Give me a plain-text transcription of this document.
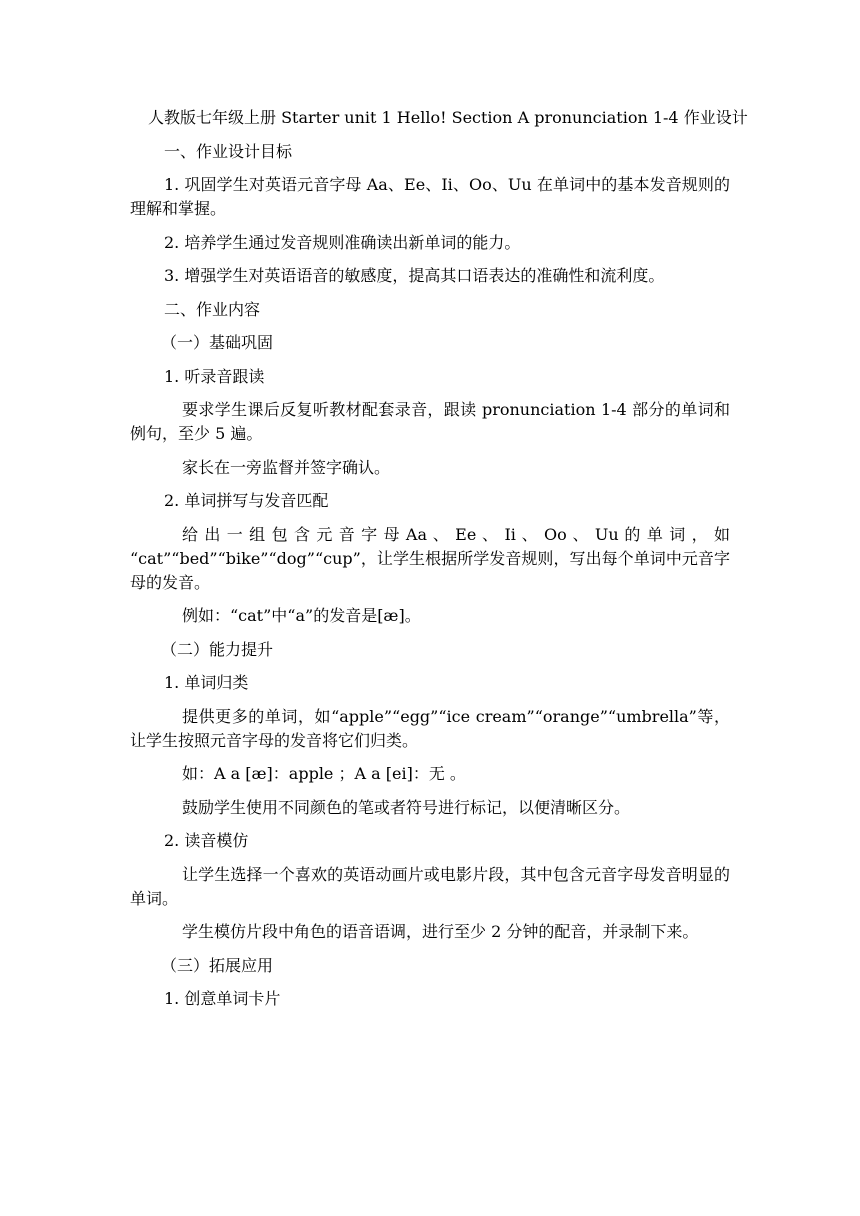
人教版七年级上册 Starter unit 1 Hello! Section A pronunciation 1-4 作业设计
一、作业设计目标
1. 巩固学生对英语元音字母 Aa、Ee、Ii、Oo、Uu 在单词中的基本发音规则的理解和掌握。
2. 培养学生通过发音规则准确读出新单词的能力。
3. 增强学生对英语语音的敏感度，提高其口语表达的准确性和流利度。
二、作业内容
（一）基础巩固
1. 听录音跟读
要求学生课后反复听教材配套录音，跟读 pronunciation 1-4 部分的单词和例句，至少 5 遍。
家长在一旁监督并签字确认。
2. 单词拼写与发音匹配
给 出 一 组 包 含 元 音 字 母 Aa 、 Ee 、 Ii 、 Oo 、 Uu 的 单 词 ， 如 “cat”“bed”“bike”“dog”“cup”，让学生根据所学发音规则，写出每个单词中元音字母的发音。
例如：“cat”中“a”的发音是[æ]。
（二）能力提升
1. 单词归类
提供更多的单词，如“apple”“egg”“ice cream”“orange”“umbrella”等，让学生按照元音字母的发音将它们归类。
如：A a [æ]：apple ；A a [ei]：无 。
鼓励学生使用不同颜色的笔或者符号进行标记，以便清晰区分。
2. 读音模仿
让学生选择一个喜欢的英语动画片或电影片段，其中包含元音字母发音明显的单词。
学生模仿片段中角色的语音语调，进行至少 2 分钟的配音，并录制下来。
（三）拓展应用
1. 创意单词卡片
